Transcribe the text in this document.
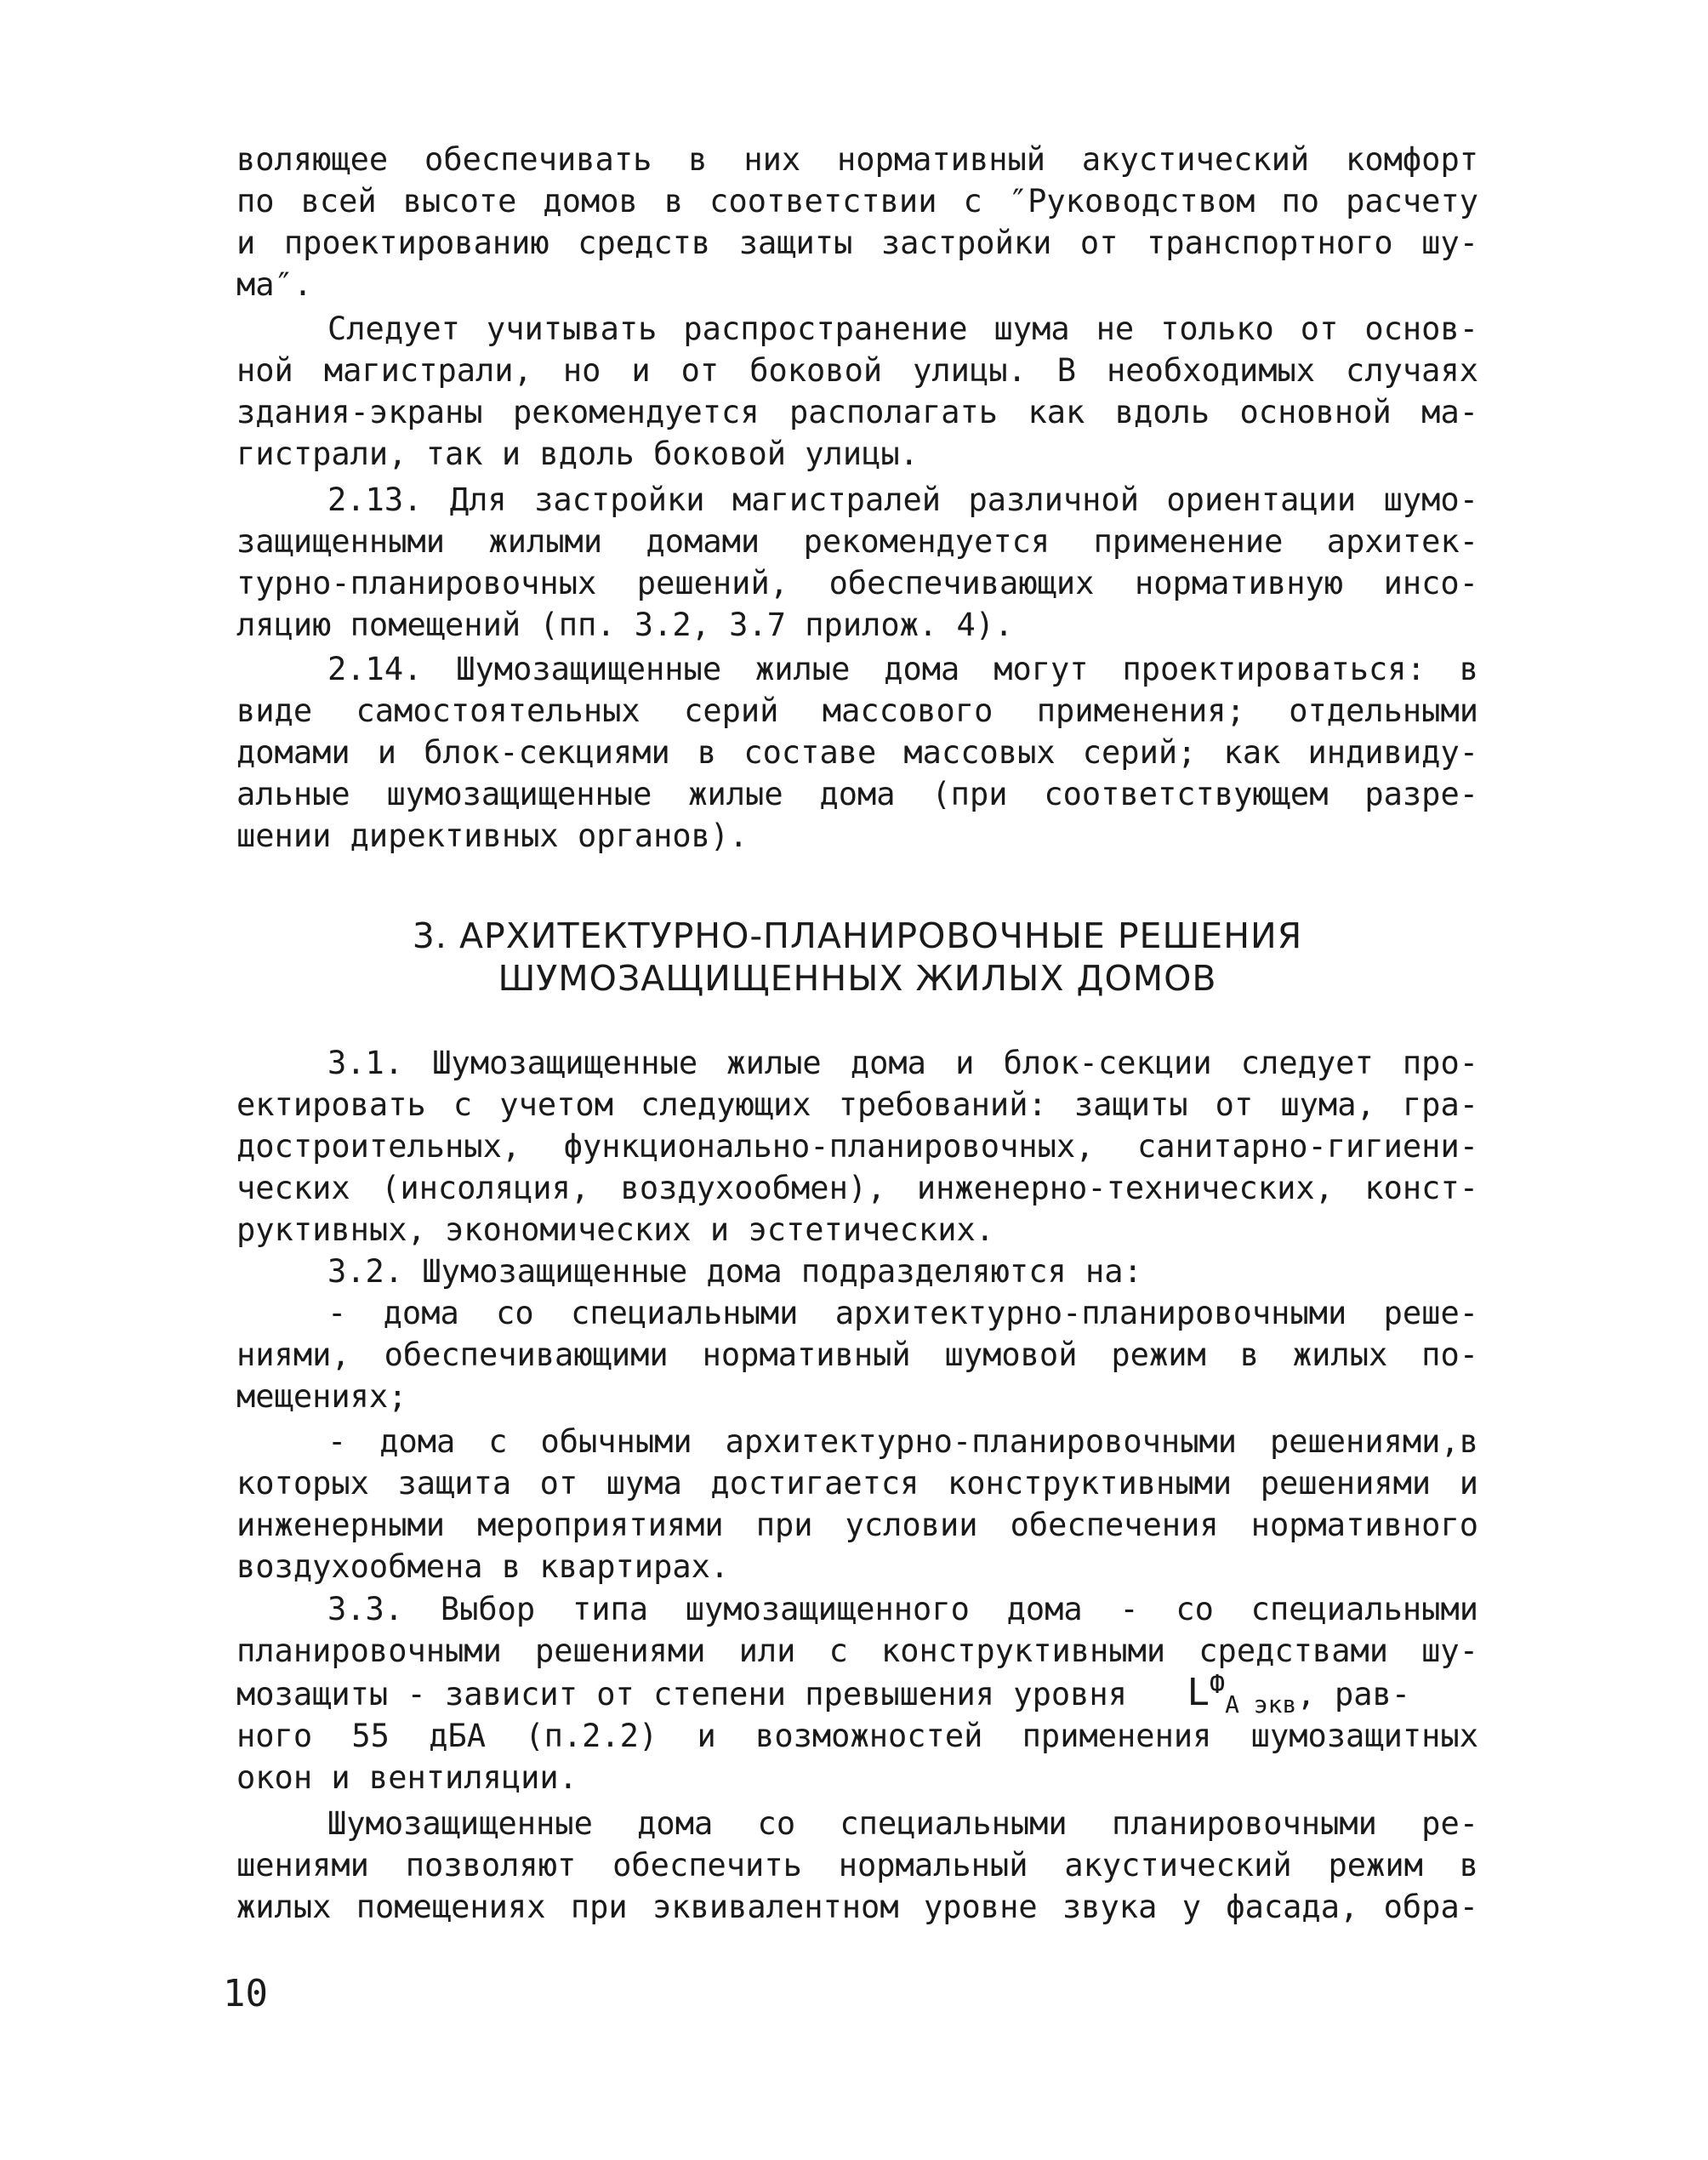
воляющее обеспечивать в них нормативный акустический комфорт
по всей высоте домов в соответствии с ″Руководством по расчету
и проектированию средств защиты застройки от транспортного шу-
ма″.
Следует учитывать распространение шума не только от основ-
ной магистрали, но и от боковой улицы. В необходимых случаях
здания-экраны рекомендуется располагать как вдоль основной ма-
гистрали, так и вдоль боковой улицы.
2.13. Для застройки магистралей различной ориентации шумо-
защищенными жилыми домами рекомендуется применение архитек-
турно-планировочных решений, обеспечивающих нормативную инсо-
ляцию помещений (пп. 3.2, 3.7 прилож. 4).
2.14. Шумозащищенные жилые дома могут проектироваться: в
виде самостоятельных серий массового применения; отдельными
домами и блок-секциями в составе массовых серий; как индивиду-
альные шумозащищенные жилые дома (при соответствующем разре-
шении директивных органов).
3. АРХИТЕКТУРНО-ПЛАНИРОВОЧНЫЕ РЕШЕНИЯ
ШУМОЗАЩИЩЕННЫХ ЖИЛЫХ ДОМОВ
3.1. Шумозащищенные жилые дома и блок-секции следует про-
ектировать с учетом следующих требований: защиты от шума, гра-
достроительных, функционально-планировочных, санитарно-гигиени-
ческих (инсоляция, воздухообмен), инженерно-технических, конст-
руктивных, экономических и эстетических.
3.2. Шумозащищенные дома подразделяются на:
- дома со специальными архитектурно-планировочными реше-
ниями, обеспечивающими нормативный шумовой режим в жилых по-
мещениях;
- дома с обычными архитектурно-планировочными решениями,в
которых защита от шума достигается конструктивными решениями и
инженерными мероприятиями при условии обеспечения нормативного
воздухообмена в квартирах.
3.3. Выбор типа шумозащищенного дома - со специальными
планировочными решениями или с конструктивными средствами шу-
мозащиты - зависит от степени превышения уровня $L^Ф_{А экв}$, рав-
ного 55 дБА (п.2.2) и возможностей применения шумозащитных
окон и вентиляции.
Шумозащищенные дома со специальными планировочными ре-
шениями позволяют обеспечить нормальный акустический режим в
жилых помещениях при эквивалентном уровне звука у фасада, обра-
10
